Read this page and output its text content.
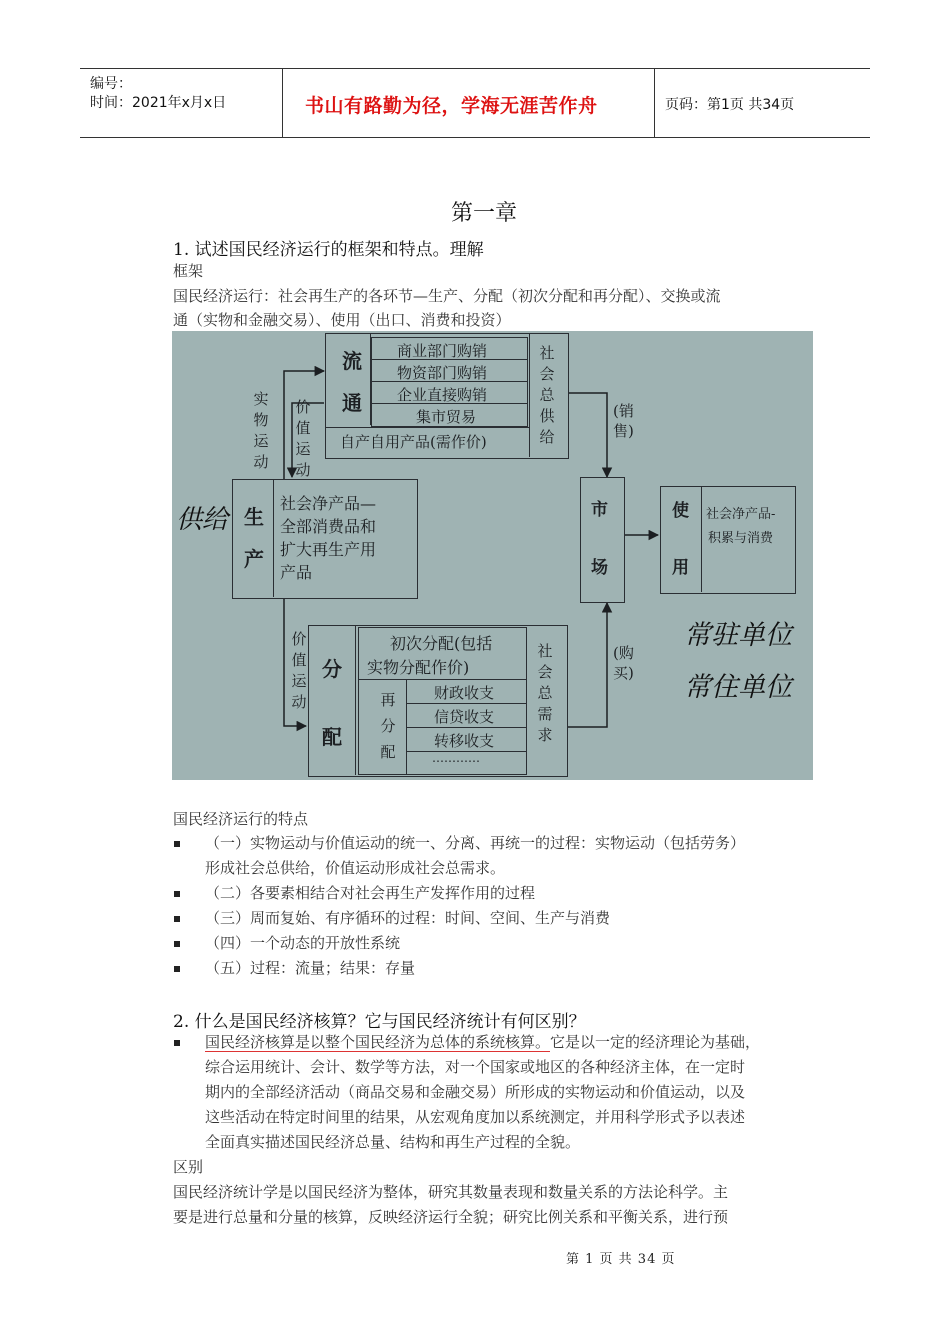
编号：
时间：2021年x月x日	书山有路勤为径，学海无涯苦作舟	页码：第1页 共34页
第一章
1. 试述国民经济运行的框架和特点。理解
框架
国民经济运行：社会再生产的各环节—生产、分配（初次分配和再分配）、交换或流
通（实物和金融交易）、使用（出口、消费和投资）
流
通
商业部门购销
物资部门购销
企业直接购销
集市贸易
自产自用产品(需作价)
社会总供给
实物运动
价值运动
价值运动
生
产
社会净产品—
全部消费品和
扩大再生产用
产品
市
场
(销售)
(购买)
使
用
社会净产品-
积累与消费
分
配
初次分配(包括
实物分配作价)
再分配
财政收支
信贷收支
转移收支
…………
社会总需求
供给
常驻单位
常住单位
国民经济运行的特点
（一）实物运动与价值运动的统一、分离、再统一的过程：实物运动（包括劳务）
形成社会总供给，价值运动形成社会总需求。
（二）各要素相结合对社会再生产发挥作用的过程
（三）周而复始、有序循环的过程：时间、空间、生产与消费
（四）一个动态的开放性系统
（五）过程：流量；结果：存量
2. 什么是国民经济核算？它与国民经济统计有何区别？
国民经济核算是以整个国民经济为总体的系统核算。它是以一定的经济理论为基础，
综合运用统计、会计、数学等方法，对一个国家或地区的各种经济主体，在一定时
期内的全部经济活动（商品交易和金融交易）所形成的实物运动和价值运动，以及
这些活动在特定时间里的结果，从宏观角度加以系统测定，并用科学形式予以表述
全面真实描述国民经济总量、结构和再生产过程的全貌。
区别
国民经济统计学是以国民经济为整体，研究其数量表现和数量关系的方法论科学。主
要是进行总量和分量的核算，反映经济运行全貌；研究比例关系和平衡关系，进行预
第 1 页 共 34 页
